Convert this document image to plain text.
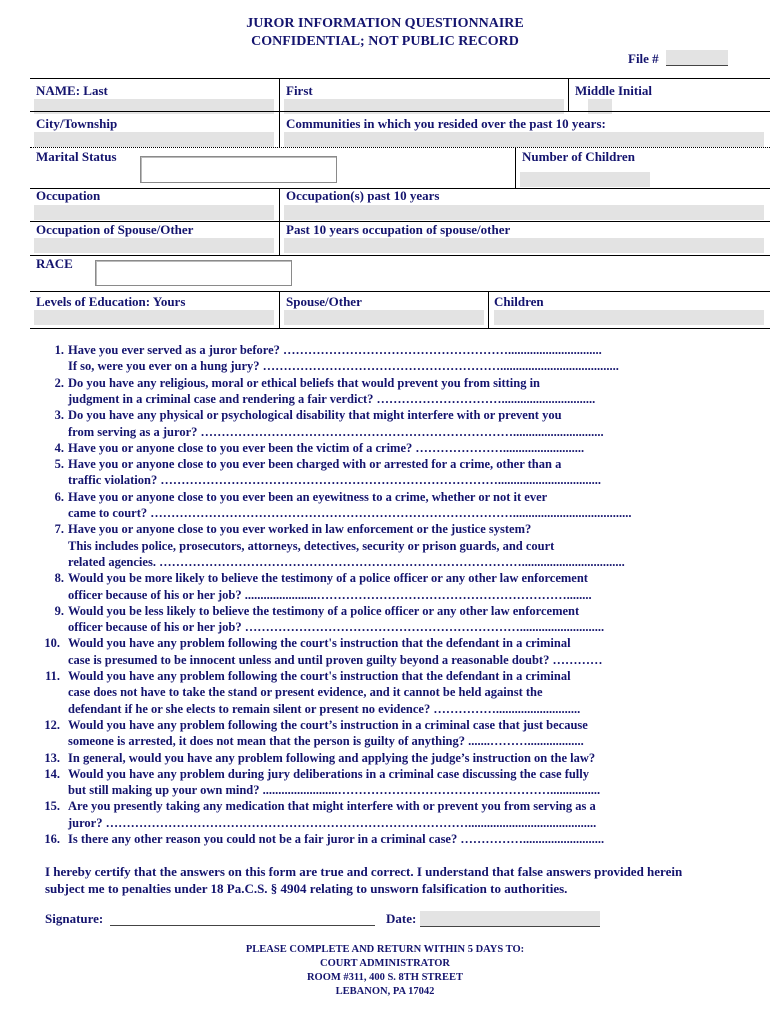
JUROR INFORMATION QUESTIONNAIRE
CONFIDENTIAL; NOT PUBLIC RECORD
File #
NAME: Last	First	Middle Initial
City/Township	Communities in which you resided over the past 10 years:
Marital Status	Number of Children
Occupation	Occupation(s) past 10 years
Occupation of Spouse/Other	Past 10 years occupation of spouse/other
RACE
Levels of Education: Yours	Spouse/Other	Children
1. Have you ever served as a juror before? ………………………………………………..............................
If so, were you ever on a hung jury? …………………………………………………......................................
2. Do you have any religious, moral or ethical beliefs that would prevent you from sitting in
judgment in a criminal case and rendering a fair verdict? …………………………..............................
3. Do you have any physical or psychological disability that might interfere with or prevent you
from serving as a juror? ………………………………………………………………….............................
4. Have you or anyone close to you ever been the victim of a crime? …………………..........................
5. Have you or anyone close to you ever been charged with or arrested for a crime, other than a
traffic violation? ……………………………………………………………………….................................
6. Have you or anyone close to you ever been an eyewitness to a crime, whether or not it ever
came to court? ……………………………………………………………………………......................................
7. Have you or anyone close to you ever worked in law enforcement or the justice system?
This includes police, prosecutors, attorneys, detectives, security or prison guards, and court
related agencies. …………………………………………………………………………….................................
8. Would you be more likely to believe the testimony of a police officer or any other law enforcement
officer because of his or her job? .......................……………………………………………………........
9. Would you be less likely to believe the testimony of a police officer or any other law enforcement
officer because of his or her job? …………………………………………………………...........................
10. Would you have any problem following the court's instruction that the defendant in a criminal
case is presumed to be innocent unless and until proven guilty beyond a reasonable doubt? …………
11. Would you have any problem following the court's instruction that the defendant in a criminal
case does not have to take the stand or present evidence, and it cannot be held against the
defendant if he or she elects to remain silent or present no evidence? ……………...........................
12. Would you have any problem following the court’s instruction in a criminal case that just because
someone is arrested, it does not mean that the person is guilty of anything? .......………..................
13. In general, would you have any problem following and applying the judge’s instruction on the law?
14. Would you have any problem during jury deliberations in a criminal case discussing the case fully
but still making up your own mind? ........................……………………………………………................
15. Are you presently taking any medication that might interfere with or prevent you from serving as a
juror? …………………………………………………………………………….........................................
16. Is there any other reason you could not be a fair juror in a criminal case? ……………..........................
I hereby certify that the answers on this form are true and correct. I understand that false answers provided herein
subject me to penalties under 18 Pa.C.S. § 4904 relating to unsworn falsification to authorities.
Signature:	Date:
PLEASE COMPLETE AND RETURN WITHIN 5 DAYS TO:
COURT ADMINISTRATOR
ROOM #311, 400 S. 8TH STREET
LEBANON, PA 17042
